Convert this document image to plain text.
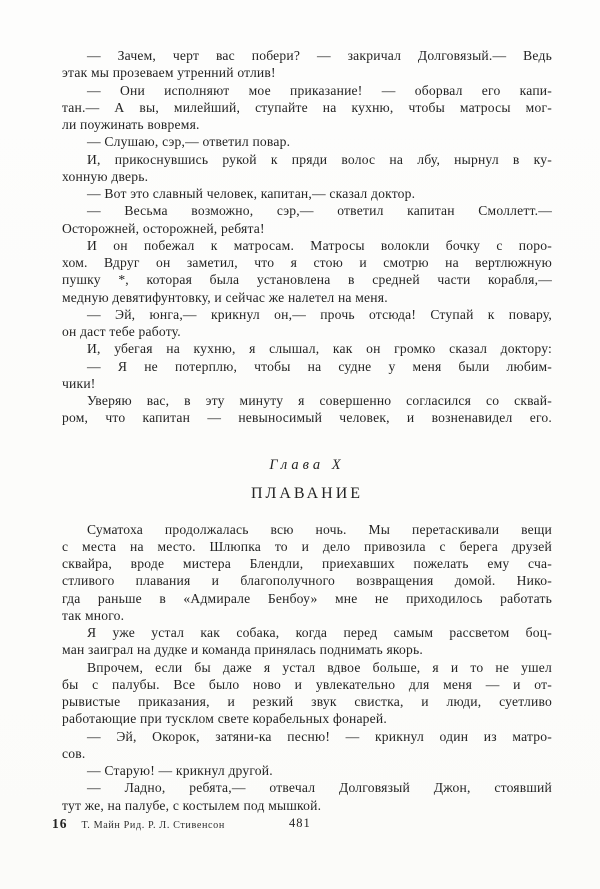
— Зачем, черт вас побери? — закричал Долговязый.— Ведь
этак мы прозеваем утренний отлив!
— Они исполняют мое приказание! — оборвал его капи-
тан.— А вы, милейший, ступайте на кухню, чтобы матросы мог-
ли поужинать вовремя.
— Слушаю, сэр,— ответил повар.
И, прикоснувшись рукой к пряди волос на лбу, нырнул в ку-
хонную дверь.
— Вот это славный человек, капитан,— сказал доктор.
— Весьма возможно, сэр,— ответил капитан Смоллетт.—
Осторожней, осторожней, ребята!
И он побежал к матросам. Матросы волокли бочку с поро-
хом. Вдруг он заметил, что я стою и смотрю на вертлюжную
пушку *, которая была установлена в средней части корабля,—
медную девятифунтовку, и сейчас же налетел на меня.
— Эй, юнга,— крикнул он,— прочь отсюда! Ступай к повару,
он даст тебе работу.
И, убегая на кухню, я слышал, как он громко сказал доктору:
— Я не потерплю, чтобы на судне у меня были любим-
чики!
Уверяю вас, в эту минуту я совершенно согласился со сквай-
ром, что капитан — невыносимый человек, и возненавидел его.
Глава X
ПЛАВАНИЕ
Суматоха продолжалась всю ночь. Мы перетаскивали вещи
с места на место. Шлюпка то и дело привозила с берега друзей
сквайра, вроде мистера Блендли, приехавших пожелать ему сча-
стливого плавания и благополучного возвращения домой. Нико-
гда раньше в «Адмирале Бенбоу» мне не приходилось работать
так много.
Я уже устал как собака, когда перед самым рассветом боц-
ман заиграл на дудке и команда принялась поднимать якорь.
Впрочем, если бы даже я устал вдвое больше, я и то не ушел
бы с палубы. Все было ново и увлекательно для меня — и от-
рывистые приказания, и резкий звук свистка, и люди, суетливо
работающие при тусклом свете корабельных фонарей.
— Эй, Окорок, затяни-ка песню! — крикнул один из матро-
сов.
— Старую! — крикнул другой.
— Ладно, ребята,— отвечал Долговязый Джон, стоявший
тут же, на палубе, с костылем под мышкой.
16 Т. Майн Рид. Р. Л. Стивенсон	481
